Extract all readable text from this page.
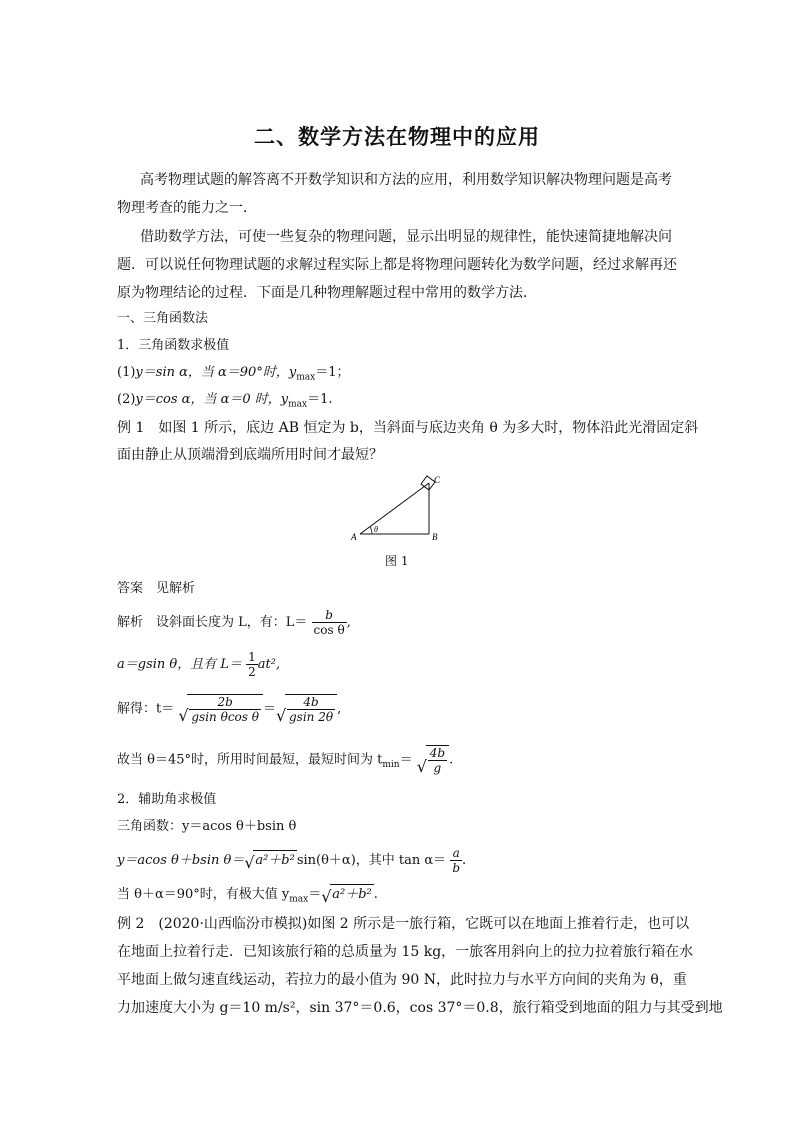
二、数学方法在物理中的应用
高考物理试题的解答离不开数学知识和方法的应用，利用数学知识解决物理问题是高考
物理考查的能力之一．
借助数学方法，可使一些复杂的物理问题，显示出明显的规律性，能快速简捷地解决问
题．可以说任何物理试题的求解过程实际上都是将物理问题转化为数学问题，经过求解再还
原为物理结论的过程．下面是几种物理解题过程中常用的数学方法．
一、三角函数法
1．三角函数求极值
(1)y＝sin α，当 α＝90°时，$y_{max}=1$；
(2)y＝cos α，当 α＝0 时，$y_{max}=1$.
例 1　如图 1 所示，底边 AB 恒定为 b，当斜面与底边夹角 θ 为多大时，物体沿此光滑固定斜
面由静止从顶端滑到底端所用时间才最短？
A	B
C
θ
图 1
答案　见解析
解析　设斜面长度为 L，有：$L= \frac{b}{\text{cos θ}}$ ,
a＝gsin θ，且有 $L= \frac{1}{2} at^2$,
解得：t＝ √ $\frac{2b}{\text{gsin θcos θ}}$ ＝ √ $\frac{4b}{gsin 2\theta}$ ,
故当 θ＝45°时，所用时间最短，最短时间为 $t_{min}=$ √ $\frac{4b}{g}$ .
2．辅助角求极值
三角函数：y＝acos θ＋bsin θ
y＝acos θ＋bsin θ＝ √ a²＋b² sin(θ＋α)，其中 $\tan \alpha= \frac{a}{b}$ .
当 θ＋α＝90°时，有极大值 $y_{max}=$ √ a²＋b² .
例 2　(2020·山西临汾市模拟)如图 2 所示是一旅行箱，它既可以在地面上推着行走，也可以
在地面上拉着行走．已知该旅行箱的总质量为 15 kg，一旅客用斜向上的拉力拉着旅行箱在水
平地面上做匀速直线运动，若拉力的最小值为 90 N，此时拉力与水平方向间的夹角为 θ，重
力加速度大小为 g＝10 m/s²，sin 37°＝0.6，cos 37°＝0.8，旅行箱受到地面的阻力与其受到地
